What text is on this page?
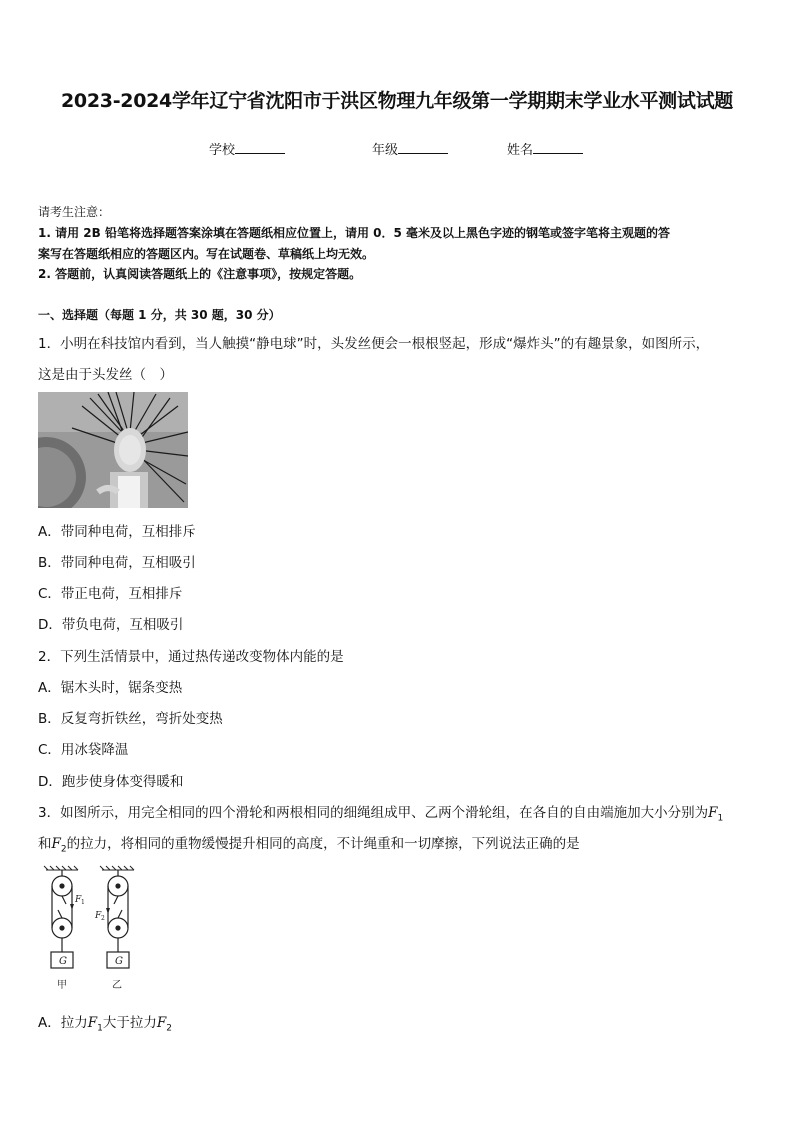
2023-2024学年辽宁省沈阳市于洪区物理九年级第一学期期末学业水平测试试题
学校	年级	姓名
请考生注意：
1. 请用 2B 铅笔将选择题答案涂填在答题纸相应位置上，请用 0．5 毫米及以上黑色字迹的钢笔或签字笔将主观题的答
案写在答题纸相应的答题区内。写在试题卷、草稿纸上均无效。
2. 答题前，认真阅读答题纸上的《注意事项》，按规定答题。
一、选择题（每题 1 分，共 30 题，30 分）
1．小明在科技馆内看到，当人触摸“静电球”时，头发丝便会一根根竖起，形成“爆炸头”的有趣景象，如图所示，
这是由于头发丝（　）
A．带同种电荷，互相排斥
B．带同种电荷，互相吸引
C．带正电荷，互相排斥
D．带负电荷，互相吸引
2．下列生活情景中，通过热传递改变物体内能的是
A．锯木头时，锯条变热
B．反复弯折铁丝，弯折处变热
C．用冰袋降温
D．跑步使身体变得暖和
3．如图所示，用完全相同的四个滑轮和两根相同的细绳组成甲、乙两个滑轮组，在各自的自由端施加大小分别为$F_1$
和$F_2$的拉力，将相同的重物缓慢提升相同的高度，不计绳重和一切摩擦，下列说法正确的是
G
F 1
甲
G
F 2
乙
A．拉力$F_1$大于拉力$F_2$
